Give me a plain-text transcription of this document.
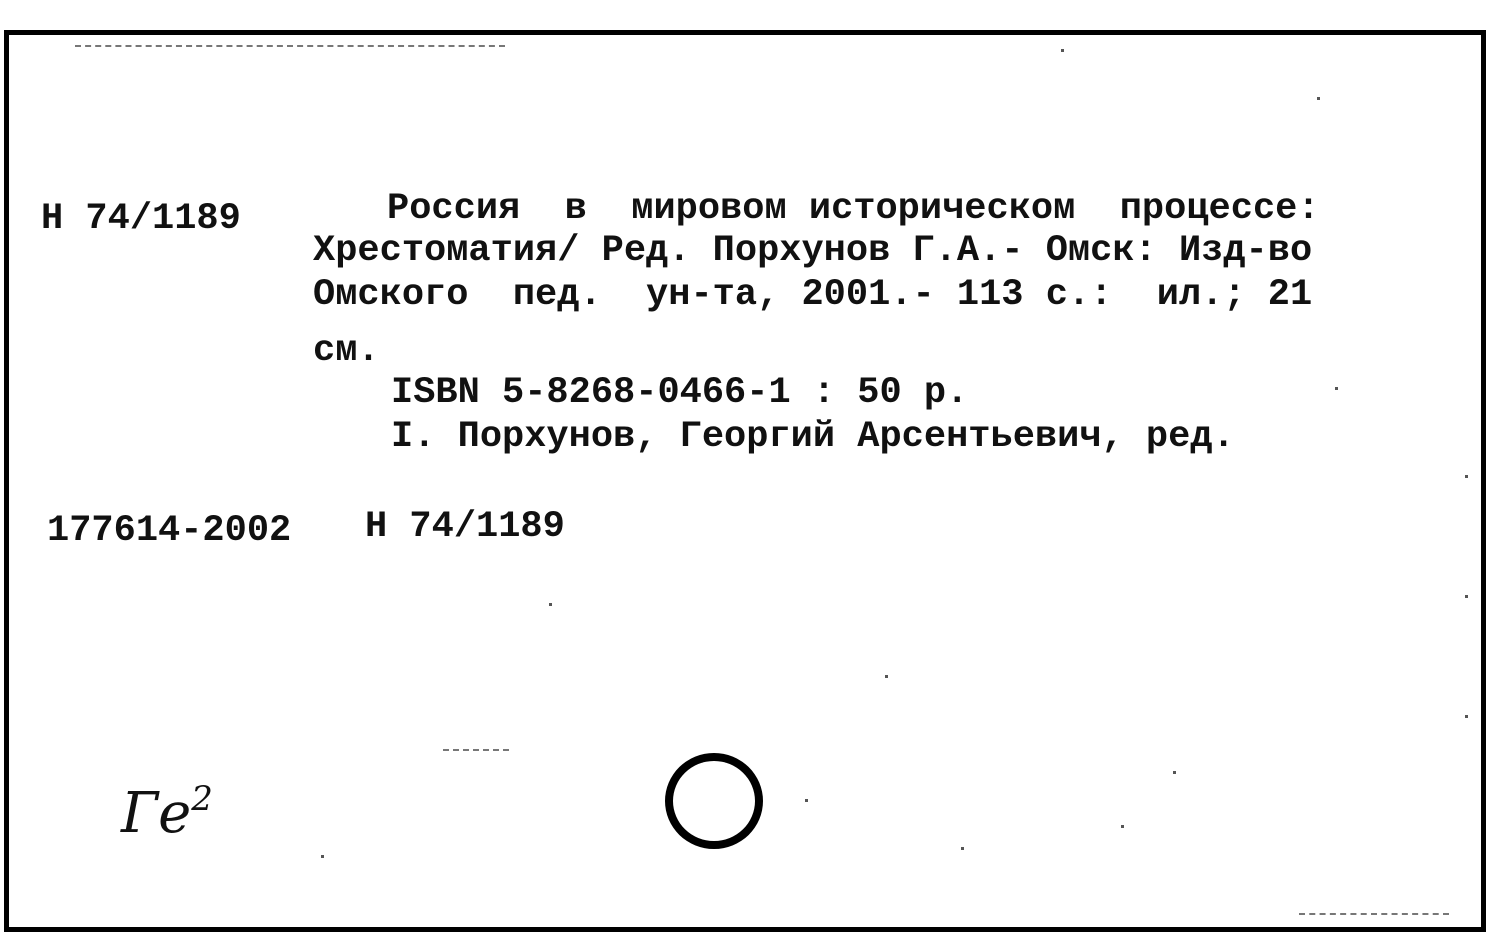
Н 74/1189	Россия  в  мировом историческом  процессе:
Хрестоматия/ Ред. Порхунов Г.А.- Омск: Изд-во
Омского  пед.  ун-та, 2001.- 113 с.:  ил.; 21
см.
ISBN 5-8268-0466-1 : 50 р.
I. Порхунов, Георгий Арсентьевич, ред.
177614-2002 Н 74/1189
$Ге^2$
